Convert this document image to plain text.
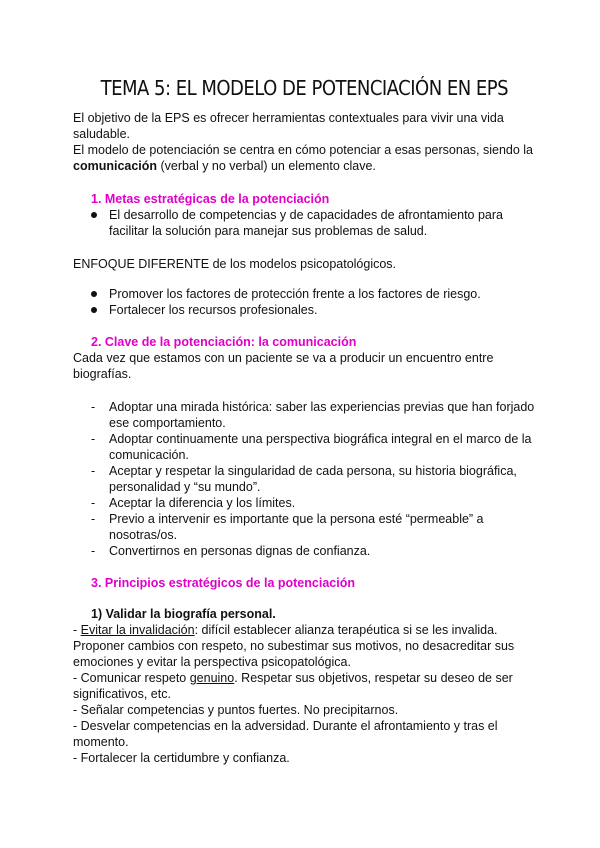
TEMA 5: EL MODELO DE POTENCIACIÓN EN EPS
El objetivo de la EPS es ofrecer herramientas contextuales para vivir una vida
saludable.
El modelo de potenciación se centra en cómo potenciar a esas personas, siendo la
comunicación (verbal y no verbal) un elemento clave.
1. Metas estratégicas de la potenciación
El desarrollo de competencias y de capacidades de afrontamiento para
facilitar la solución para manejar sus problemas de salud.
ENFOQUE DIFERENTE de los modelos psicopatológicos.
Promover los factores de protección frente a los factores de riesgo.
Fortalecer los recursos profesionales.
2. Clave de la potenciación: la comunicación
Cada vez que estamos con un paciente se va a producir un encuentro entre
biografías.
- Adoptar una mirada histórica: saber las experiencias previas que han forjado
ese comportamiento.
- Adoptar continuamente una perspectiva biográfica integral en el marco de la
comunicación.
- Aceptar y respetar la singularidad de cada persona, su historia biográfica,
personalidad y “su mundo”.
- Aceptar la diferencia y los límites.
- Previo a intervenir es importante que la persona esté “permeable” a
nosotras/os.
- Convertirnos en personas dignas de confianza.
3. Principios estratégicos de la potenciación
1) Validar la biografía personal.
- Evitar la invalidación: difícil establecer alianza terapéutica si se les invalida.
Proponer cambios con respeto, no subestimar sus motivos, no desacreditar sus
emociones y evitar la perspectiva psicopatológica.
- Comunicar respeto genuino. Respetar sus objetivos, respetar su deseo de ser
significativos, etc.
- Señalar competencias y puntos fuertes. No precipitarnos.
- Desvelar competencias en la adversidad. Durante el afrontamiento y tras el
momento.
- Fortalecer la certidumbre y confianza.
